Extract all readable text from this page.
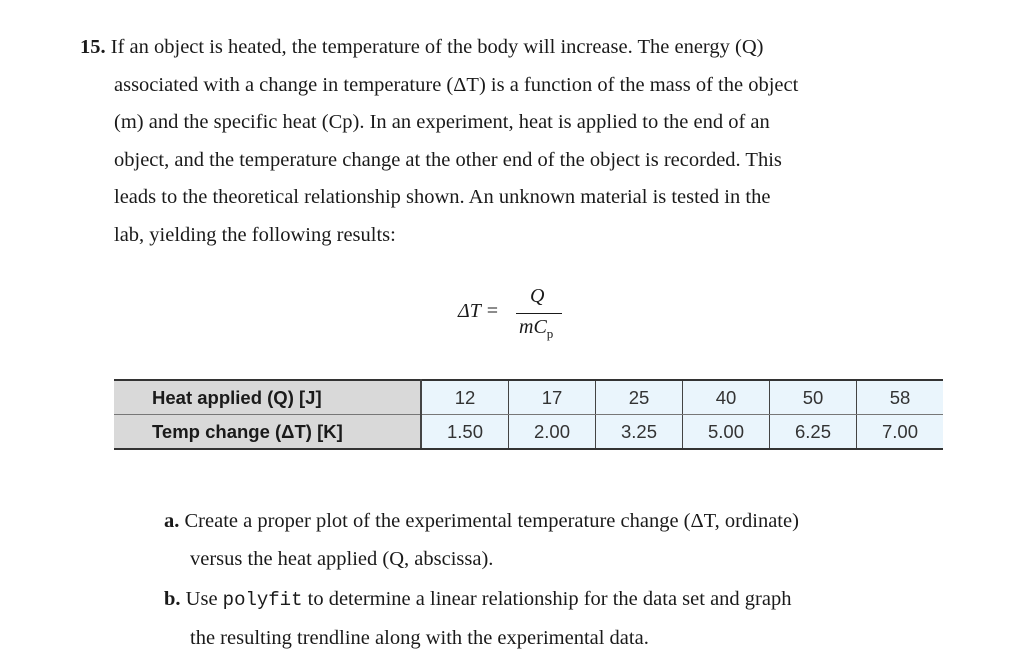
15. If an object is heated, the temperature of the body will increase. The energy (Q)
associated with a change in temperature (ΔT) is a function of the mass of the object
(m) and the specific heat (Cp). In an experiment, heat is applied to the end of an
object, and the temperature change at the other end of the object is recorded. This
leads to the theoretical relationship shown. An unknown material is tested in the
lab, yielding the following results:
ΔT =
Q
$mC_p$
Heat applied (Q) [J]	12	17	25	40	50	58
Temp change (ΔT) [K]	1.50	2.00	3.25	5.00	6.25	7.00
a. Create a proper plot of the experimental temperature change (ΔT, ordinate)
versus the heat applied (Q, abscissa).
b. Use polyfit to determine a linear relationship for the data set and graph
the resulting trendline along with the experimental data.
